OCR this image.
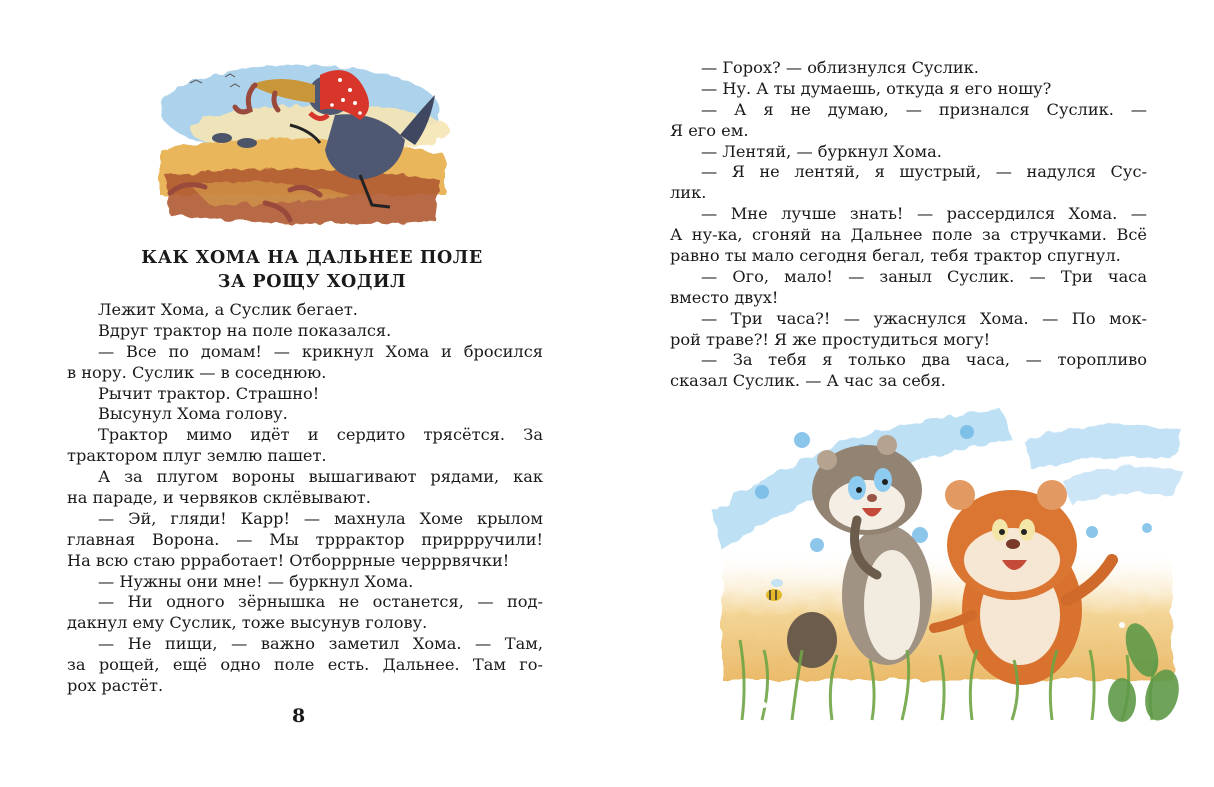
КАК ХОМА НА ДАЛЬНЕЕ ПОЛЕ
ЗА РОЩУ ХОДИЛ
Лежит Хома, а Суслик бегает.
Вдруг трактор на поле показался.
— Все по домам! — крикнул Хома и бросился
в нору. Суслик — в соседнюю.
Рычит трактор. Страшно!
Высунул Хома голову.
Трактор мимо идёт и сердито трясётся. За
трактором плуг землю пашет.
А за плугом вороны вышагивают рядами, как
на параде, и червяков склёвывают.
— Эй, гляди! Карр! — махнула Хоме крылом
главная Ворона. — Мы трррактор приррручили!
На всю стаю ррработает! Отборррные черррвячки!
— Нужны они мне! — буркнул Хома.
— Ни одного зёрнышка не останется, — под-
дакнул ему Суслик, тоже высунув голову.
— Не пищи, — важно заметил Хома. — Там,
за рощей, ещё одно поле есть. Дальнее. Там го-
рох растёт.
8
— Горох? — облизнулся Суслик.
— Ну. А ты думаешь, откуда я его ношу?
— А я не думаю, — признался Суслик. —
Я его ем.
— Лентяй, — буркнул Хома.
— Я не лентяй, я шустрый, — надулся Сус-
лик.
— Мне лучше знать! — рассердился Хома. —
А ну-ка, сгоняй на Дальнее поле за стручками. Всё
равно ты мало сегодня бегал, тебя трактор спугнул.
— Ого, мало! — заныл Суслик. — Три часа
вместо двух!
— Три часа?! — ужаснулся Хома. — По мок-
рой траве?! Я же простудиться могу!
— За тебя я только два часа, — торопливо
сказал Суслик. — А час за себя.
